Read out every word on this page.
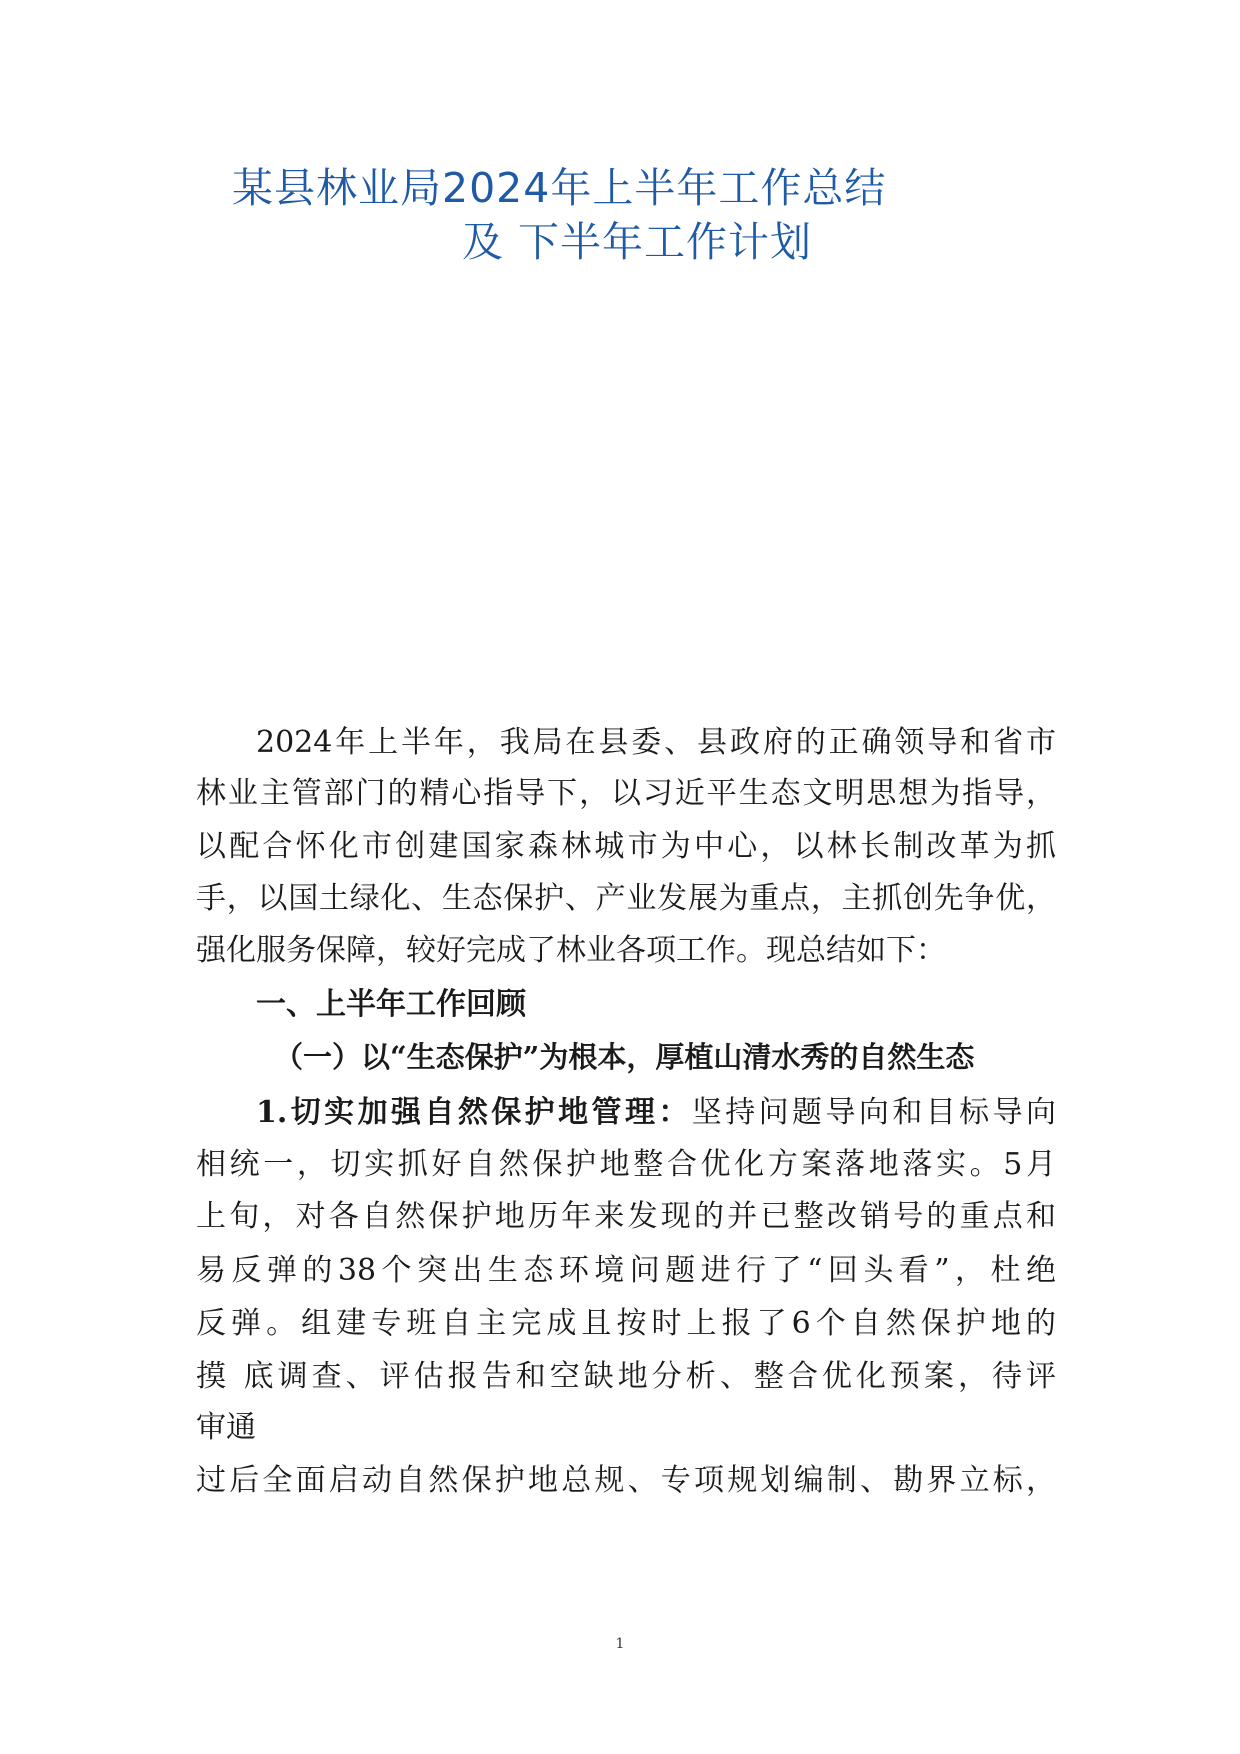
某县林业局2024年上半年工作总结
及 下半年工作计划
2024年上半年，我局在县委、县政府的正确领导和省市
林业主管部门的精心指导下，以习近平生态文明思想为指导，
以配合怀化市创建国家森林城市为中心，以林长制改革为抓
手，以国土绿化、生态保护、产业发展为重点，主抓创先争优，
强化服务保障，较好完成了林业各项工作。现总结如下：
一、上半年工作回顾
（一）以“生态保护”为根本，厚植山清水秀的自然生态
1.切实加强自然保护地管理：坚持问题导向和目标导向
相统一，切实抓好自然保护地整合优化方案落地落实。5月
上旬，对各自然保护地历年来发现的并已整改销号的重点和
易反弹的38个突出生态环境问题进行了“回头看”，杜绝
反弹。组建专班自主完成且按时上报了6个自然保护地的
摸 底调查、评估报告和空缺地分析、整合优化预案，待评
审通
过后全面启动自然保护地总规、专项规划编制、勘界立标，
1
